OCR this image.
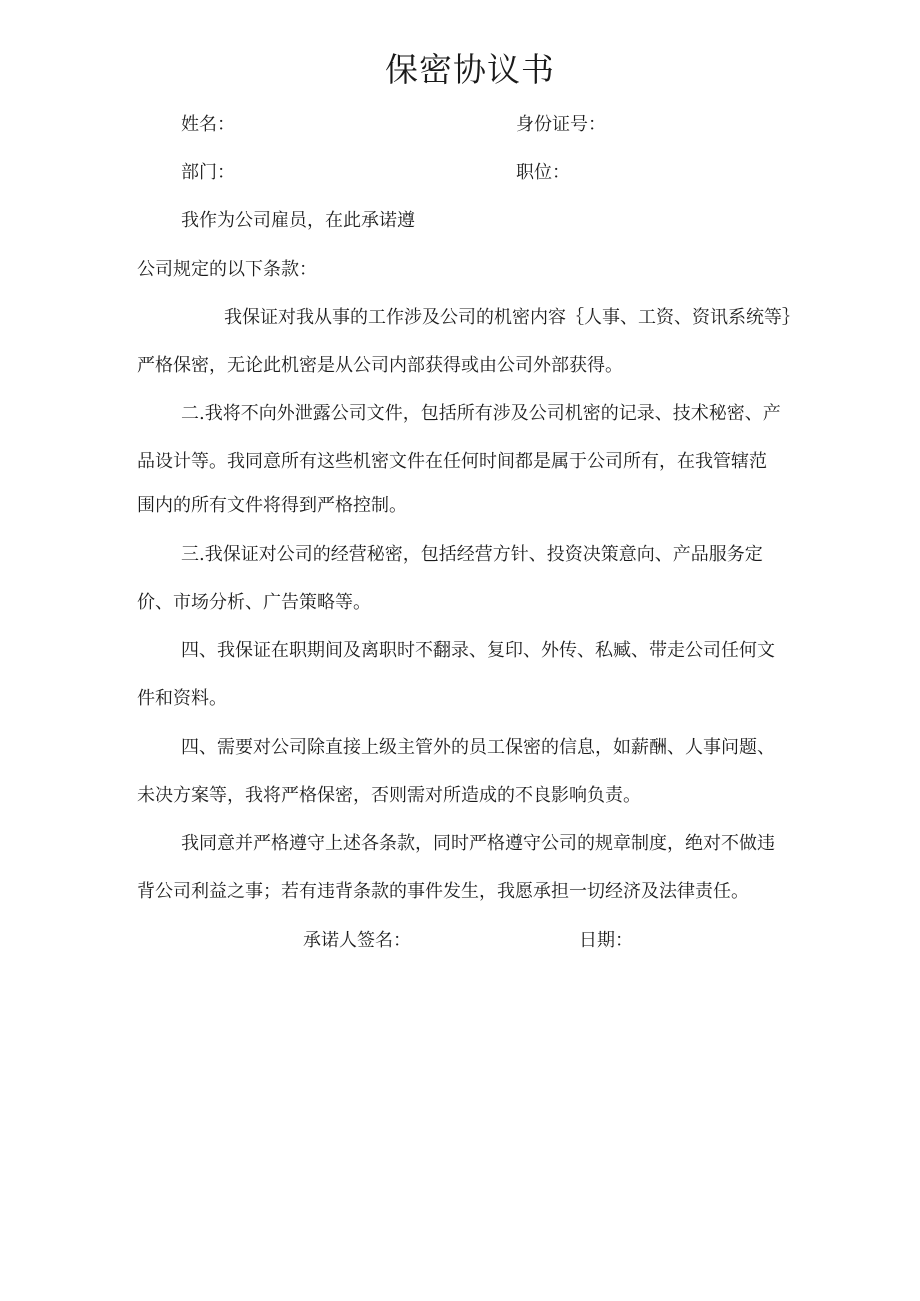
保密协议书
姓名：	身份证号：
部门：	职位：
我作为公司雇员，在此承诺遵
公司规定的以下条款：
我保证对我从事的工作涉及公司的机密内容｛人事、工资、资讯系统等｝
严格保密，无论此机密是从公司内部获得或由公司外部获得。
二.我将不向外泄露公司文件，包括所有涉及公司机密的记录、技术秘密、产
品设计等。我同意所有这些机密文件在任何时间都是属于公司所有，在我管辖范
围内的所有文件将得到严格控制。
三.我保证对公司的经营秘密，包括经营方针、投资决策意向、产品服务定
价、市场分析、广告策略等。
四、我保证在职期间及离职时不翻录、复印、外传、私臧、带走公司任何文
件和资料。
四、需要对公司除直接上级主管外的员工保密的信息，如薪酬、人事问题、
未决方案等，我将严格保密，否则需对所造成的不良影响负责。
我同意并严格遵守上述各条款，同时严格遵守公司的规章制度，绝对不做违
背公司利益之事；若有违背条款的事件发生，我愿承担一切经济及法律责任。
承诺人签名：	日期：
